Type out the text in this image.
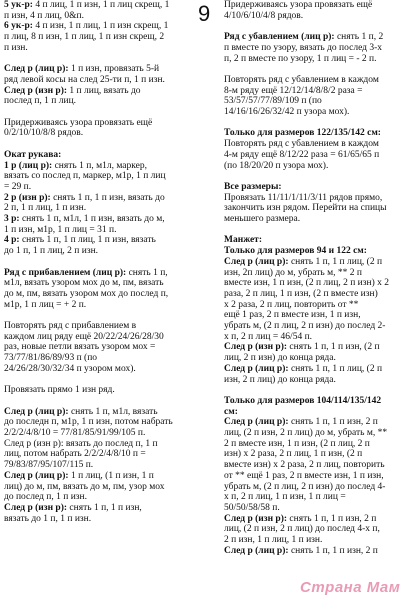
9
5 ук-р: 4 п лиц, 1 п изн, 1 п лиц скрещ, 1
п изн, 4 п лиц, 0&п.
6 ук-р: 4 п изн, 1 п лиц, 1 п изн скрещ, 1
п лиц, 8 п изн, 1 п лиц, 1 п изн скрещ, 2
п изн.
След р (лиц р): 1 п изн, провязать 5-й
ряд левой косы на след 25-ти п, 1 п изн.
След р (изн р): 1 п лиц, вязать до
послед п, 1 п лиц.
Придерживаясь узора провязать ещё
0/2/10/10/8/8 рядов.
Окат рукава:
1 р (лиц р): снять 1 п, м1л, маркер,
вязать со послед п, маркер, м1р, 1 п лиц
= 29 п.
2 р (изн р): снять 1 п, 1 п изн, вязать до
2 п, 1 п лиц, 1 п изн.
3 р: снять 1 п, м1л, 1 п изн, вязать до м,
1 п изн, м1р, 1 п лиц = 31 п.
4 р: снять 1 п, 1 п лиц, 1 п изн, вязать
до 1 п, 1 п лиц, 2 п изн.
Ряд с прибавлением (лиц р): снять 1 п,
м1л, вязать узором мох до м, пм, вязать
до м, пм, вязать узором мох до послед п,
м1р, 1 п лиц = + 2 п.
Повторять ряд с прибавлением в
каждом лиц ряду ещё 20/22/24/26/28/30
раз, новые петли вязать узором мох =
73/77/81/86/89/93 п (по
24/26/28/30/32/34 п узором мох).
Провязать прямо 1 изн ряд.
След р (лиц р): снять 1 п, м1л, вязать
до последн п, м1р, 1 п изн, потом набрать
2/2/2/4/8/10 = 77/81/85/91/99/105 п.
След р (изн р): вязать до послед п, 1 п
лиц, потом набрать 2/2/2/4/8/10 п =
79/83/87/95/107/115 п.
След р (лиц р): 1 п лиц, (1 п изн, 1 п
лиц) до м, пм, вязать до м, пм, узор мох
до послед п, 1 п изн.
След р (изн р): снять 1 п, 1 п изн,
вязать до 1 п, 1 п изн.
Придерживаясь узора провязать ещё
4/10/6/10/4/8 рядов.
Ряд с убавлением (лиц р): снять 1 п, 2
п вместе по узору, вязать до послед 3-х
п, 2 п вместе по узору, 1 п лиц = - 2 п.
Повторять ряд с убавлением в каждом
8-м ряду ещё 12/12/14/8/8/2 раза =
53/57/57/77/89/109 п (по
14/16/16/26/32/42 п узора мох).
Только для размеров 122/135/142 см:
Повторять ряд с убавлением в каждом
4-м ряду ещё 8/12/22 раза = 61/65/65 п
(по 18/20/20 п узора мох).
Все размеры:
Провязать 11/11/1/11/3/11 рядов прямо,
закончить изн рядом. Перейти на спицы
меньшего размера.
Манжет:
Только для размеров 94 и 122 см:
След р (лиц р): снять 1 п, 1 п лиц, (2 п
изн, 2п лиц) до м, убрать м, ** 2 п
вместе изн, 1 п изн, (2 п лиц, 2 п изн) х 2
раза, 2 п лиц, 1 п изн, (2 п вместе изн)
х 2 раза, 2 п лиц, повторить от **
ещё 1 раз, 2 п вместе изн, 1 п изн,
убрать м, (2 п лиц, 2 п изн) до послед 2-
х п, 2 п лиц = 46/54 п.
След р (изн р): снять 1 п, 1 п изн, (2 п
лиц, 2 п изн) до конца ряда.
След р (лиц р): снять 1 п, 1 п лиц, (2 п
изн, 2 п лиц) до конца ряда.
Только для размеров 104/114/135/142
см:
След р (лиц р): снять 1 п, 1 п изн, 2 п
лиц, (2 п изн, 2 п лиц) до м, убрать м, **
2 п вместе изн, 1 п изн, (2 п лиц, 2 п
изн) х 2 раза, 2 п лиц, 1 п изн, (2 п
вместе изн) х 2 раза, 2 п лиц, повторить
от ** ещё 1 раз, 2 п вместе изн, 1 п изн,
убрать м, (2 п лиц, 2 п изн) до послед 4-
х п, 2 п лиц, 1 п изн, 1 п лиц =
50/50/58/58 п.
След р (изн р): снять 1 п, 1 п изн, 2 п
лиц, (2 п изн, 2 п лиц) до послед 4-х п,
2 п изн, 1 п лиц, 1 п изн.
След р (лиц р): снять 1 п, 1 п изн, 2 п
Страна Мам
